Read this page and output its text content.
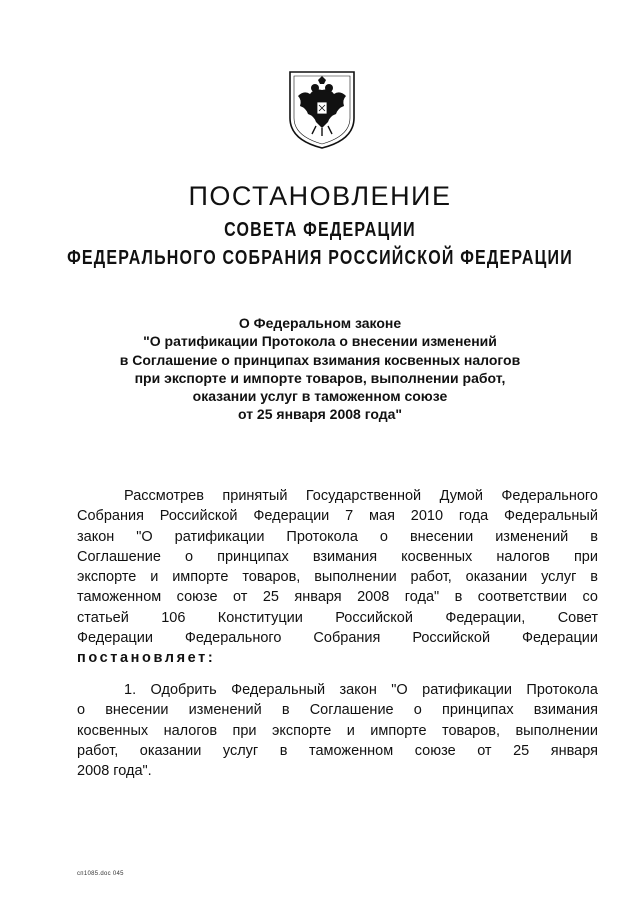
ПОСТАНОВЛЕНИЕ
СОВЕТА ФЕДЕРАЦИИ
ФЕДЕРАЛЬНОГО СОБРАНИЯ РОССИЙСКОЙ ФЕДЕРАЦИИ
О Федеральном законе
"О ратификации Протокола о внесении изменений
в Соглашение о принципах взимания косвенных налогов
при экспорте и импорте товаров, выполнении работ,
оказании услуг в таможенном союзе
от 25 января 2008 года"
Рассмотрев принятый Государственной Думой Федерального
Собрания Российской Федерации 7 мая 2010 года Федеральный
закон "О ратификации Протокола о внесении изменений в
Соглашение о принципах взимания косвенных налогов при
экспорте и импорте товаров, выполнении работ, оказании услуг в
таможенном союзе от 25 января 2008 года" в соответствии со
статьей 106 Конституции Российской Федерации, Совет
Федерации Федерального Собрания Российской Федерации
постановляет:
1. Одобрить Федеральный закон "О ратификации Протокола
о внесении изменений в Соглашение о принципах взимания
косвенных налогов при экспорте и импорте товаров, выполнении
работ, оказании услуг в таможенном союзе от 25 января
2008 года".
сп1085.doc 045
